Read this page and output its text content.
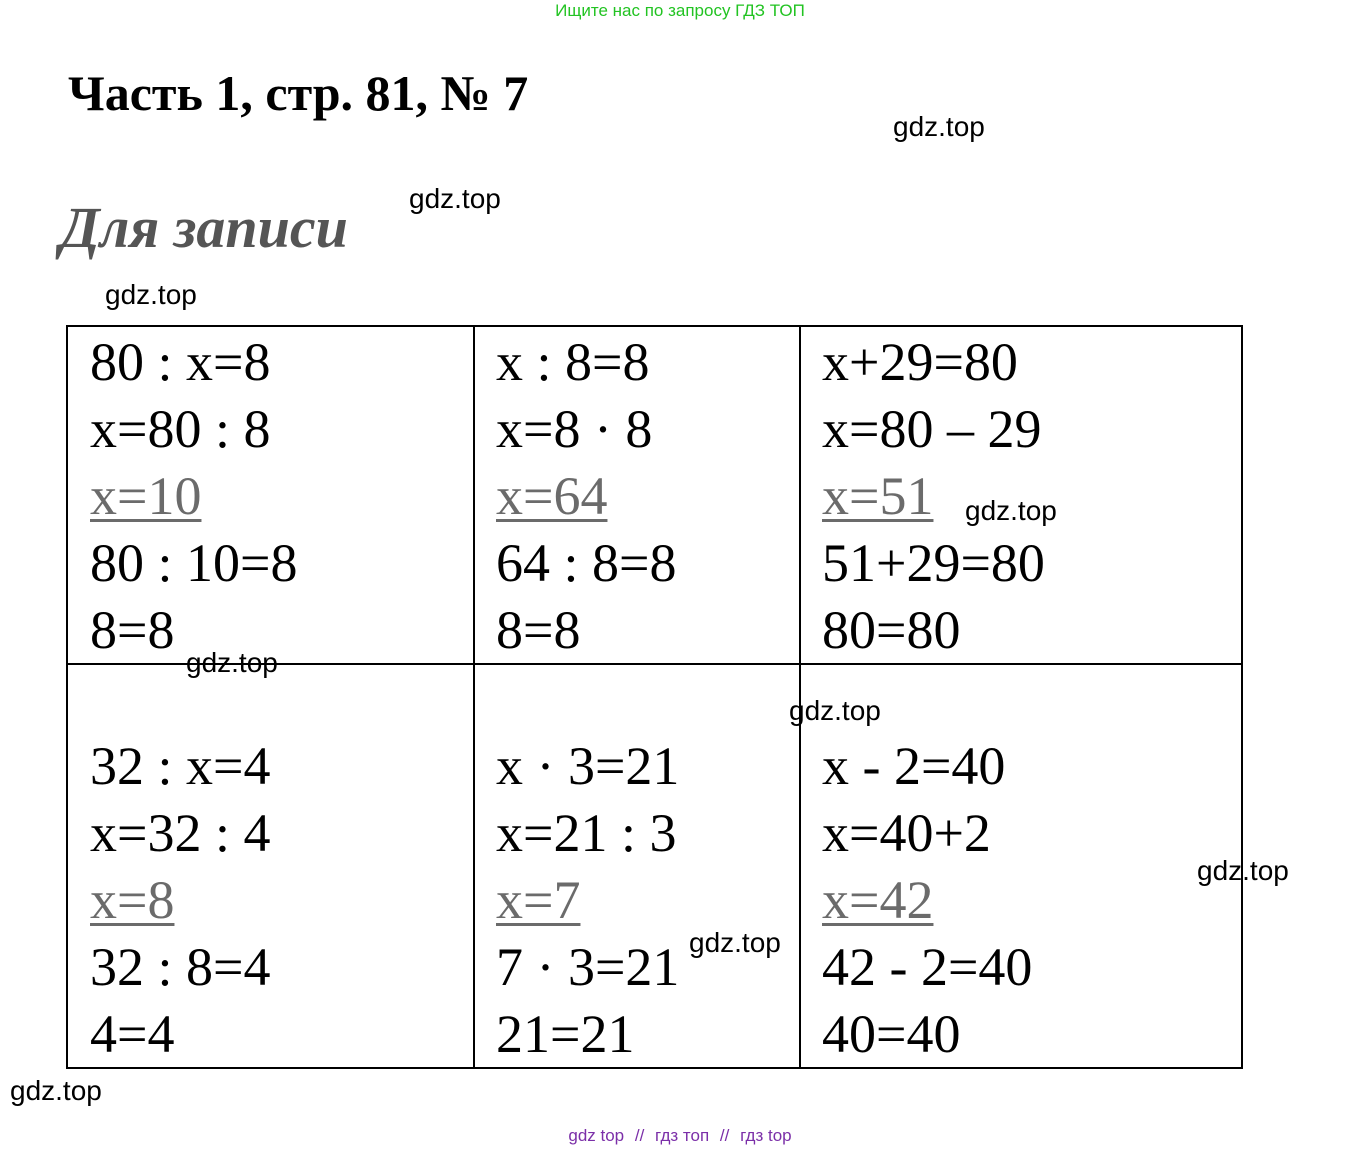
Ищите нас по запросу ГДЗ ТОП
Часть 1, стр. 81, № 7
Для записи
gdz.top
gdz.top
gdz.top
80 : x=8
x=80 : 8
x=10
80 : 10=8
8=8
x : 8=8
x=8 · 8
x=64
64 : 8=8
8=8
x+29=80
x=80 – 29
x=51
51+29=80
80=80
32 : x=4
x=32 : 4
x=8
32 : 8=4
4=4
x · 3=21
x=21 : 3
x=7
7 · 3=21
21=21
x - 2=40
x=40+2
x=42
42 - 2=40
40=40
gdz.top
gdz.top
gdz.top
gdz.top
gdz.top
gdz.top
gdz top // гдз топ // гдз top
